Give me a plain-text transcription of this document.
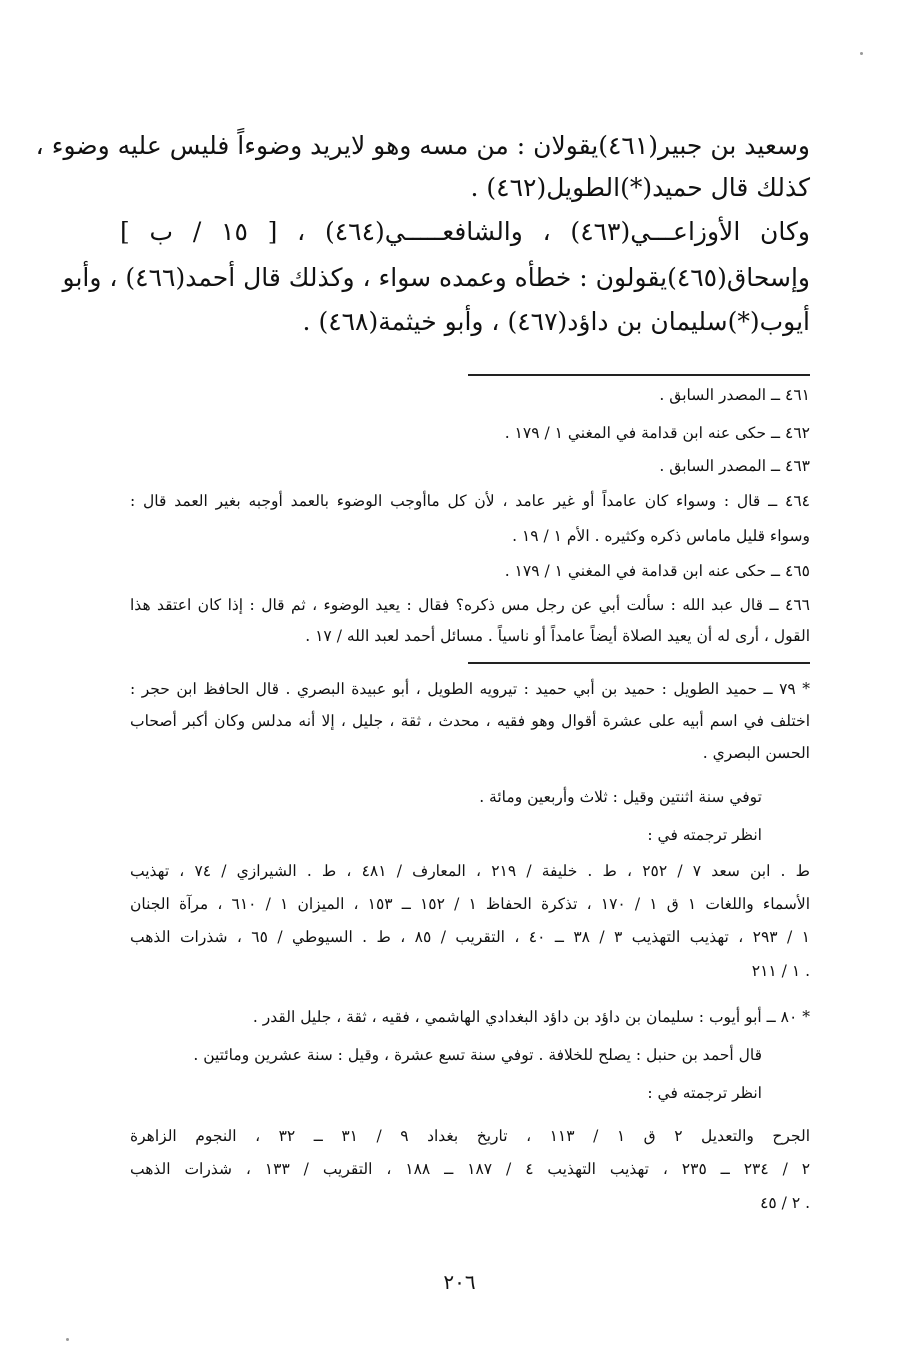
وسعيد بن جبير(٤٦١)يقولان : من مسه وهو لايريد وضوءاً فليس عليه وضوء ،
كذلك قال حميد(*)الطويل(٤٦٢) .
وكان الأوزاعـــي(٤٦٣) ، والشافعـــــي(٤٦٤) ، [ ١٥ / ب ]
وإسحاق(٤٦٥)يقولون : خطأه وعمده سواء ، وكذلك قال أحمد(٤٦٦) ، وأبو
أيوب(*)سليمان بن داؤد(٤٦٧) ، وأبو خيثمة(٤٦٨) .
٤٦١ ــ المصدر السابق .
٤٦٢ ــ حكى عنه ابن قدامة في المغني ١ / ١٧٩ .
٤٦٣ ــ المصدر السابق .
٤٦٤ ــ قال : وسواء كان عامداً أو غير عامد ، لأن كل ماأوجب الوضوء بالعمد أوجبه بغير العمد قال :
وسواء قليل ماماس ذكره وكثيره . الأم ١ / ١٩ .
٤٦٥ ــ حكى عنه ابن قدامة في المغني ١ / ١٧٩ .
٤٦٦ ــ قال عبد الله : سألت أبي عن رجل مس ذكره؟ فقال : يعيد الوضوء ، ثم قال : إذا كان اعتقد هذا
القول ، أرى له أن يعيد الصلاة أيضاً عامداً أو ناسياً . مسائل أحمد لعبد الله / ١٧ .
* ٧٩ ــ حميد الطويل : حميد بن أبي حميد : تيرويه الطويل ، أبو عبيدة البصري . قال الحافظ ابن حجر :
اختلف في اسم أبيه على عشرة أقوال وهو فقيه ، محدث ، ثقة ، جليل ، إلا أنه مدلس وكان أكبر أصحاب
الحسن البصري .
توفي سنة اثنتين وقيل : ثلاث وأربعين ومائة .
انظر ترجمته في :
ط . ابن سعد ٧ / ٢٥٢ ، ط . خليفة / ٢١٩ ، المعارف / ٤٨١ ، ط . الشيرازي / ٧٤ ، تهذيب
الأسماء واللغات ١ ق ١ / ١٧٠ ، تذكرة الحفاظ ١ / ١٥٢ ــ ١٥٣ ، الميزان ١ / ٦١٠ ، مرآة الجنان
١ / ٢٩٣ ، تهذيب التهذيب ٣ / ٣٨ ــ ٤٠ ، التقريب / ٨٥ ، ط . السيوطي / ٦٥ ، شذرات الذهب
١ / ٢١١ .
* ٨٠ ــ أبو أيوب : سليمان بن داؤد بن داؤد البغدادي الهاشمي ، فقيه ، ثقة ، جليل القدر .
قال أحمد بن حنبل : يصلح للخلافة . توفي سنة تسع عشرة ، وقيل : سنة عشرين ومائتين .
انظر ترجمته في :
الجرح والتعديل ٢ ق ١ / ١١٣ ، تاريخ بغداد ٩ / ٣١ ــ ٣٢ ، النجوم الزاهرة
٢ / ٢٣٤ ــ ٢٣٥ ، تهذيب التهذيب ٤ / ١٨٧ ــ ١٨٨ ، التقريب / ١٣٣ ، شذرات الذهب
٢ / ٤٥ .
٢٠٦
